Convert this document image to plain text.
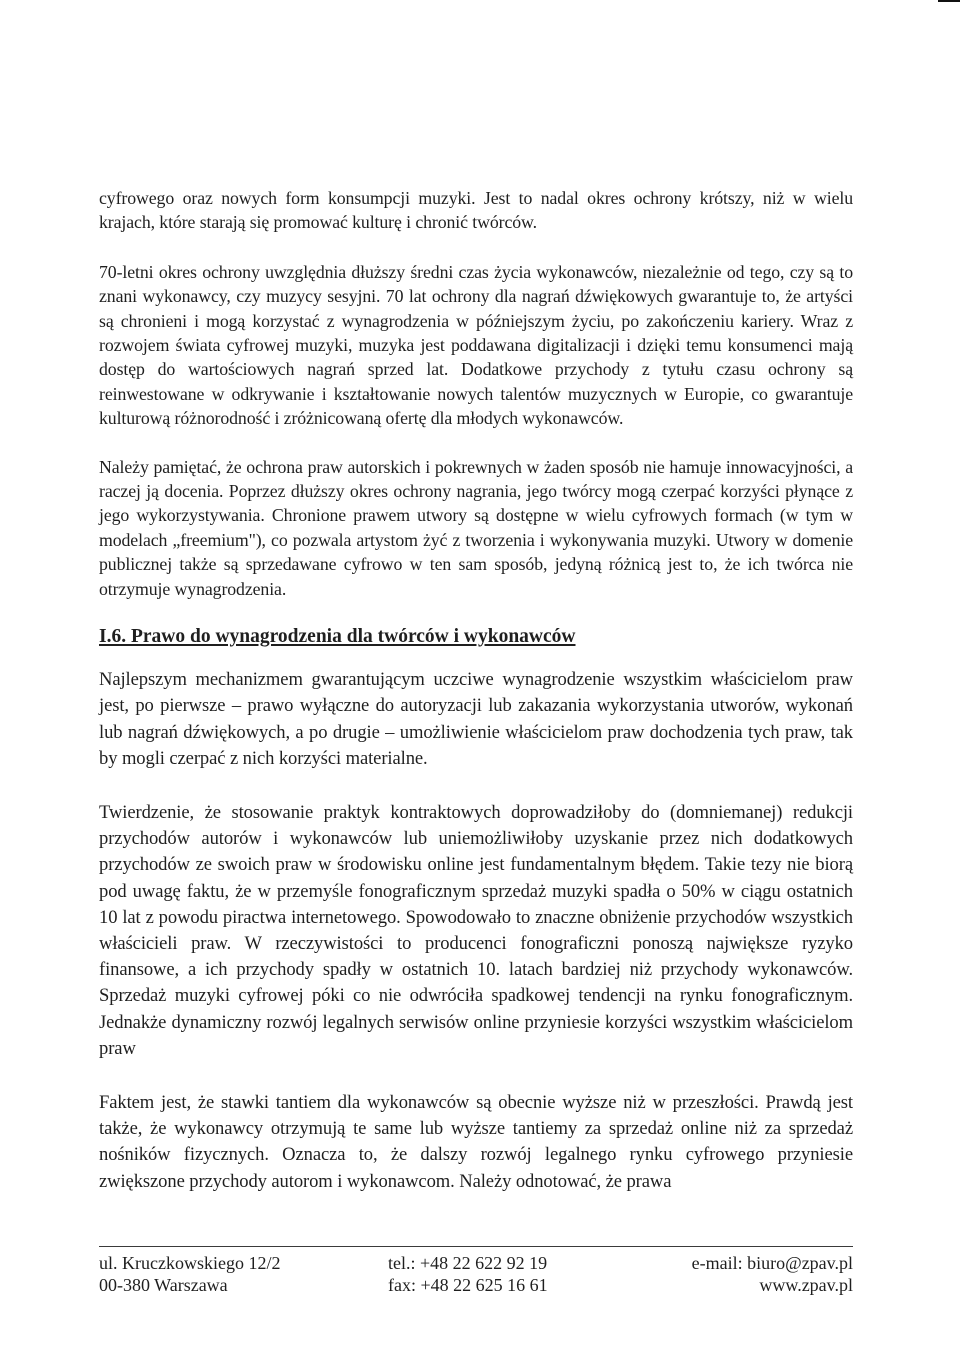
cyfrowego oraz nowych form konsumpcji muzyki. Jest to nadal okres ochrony krótszy, niż w wielu krajach, które starają się promować kulturę i chronić twórców.

70-letni okres ochrony uwzględnia dłuższy średni czas życia wykonawców, niezależnie od tego, czy są to znani wykonawcy, czy muzycy sesyjni. 70 lat ochrony dla nagrań dźwiękowych gwarantuje to, że artyści są chronieni i mogą korzystać z wynagrodzenia w późniejszym życiu, po zakończeniu kariery. Wraz z rozwojem świata cyfrowej muzyki, muzyka jest poddawana digitalizacji i dzięki temu konsumenci mają dostęp do wartościowych nagrań sprzed lat. Dodatkowe przychody z tytułu czasu ochrony są reinwestowane w odkrywanie i kształtowanie nowych talentów muzycznych w Europie, co gwarantuje kulturową różnorodność i zróżnicowaną ofertę dla młodych wykonawców.

Należy pamiętać, że ochrona praw autorskich i pokrewnych w żaden sposób nie hamuje innowacyjności, a raczej ją docenia. Poprzez dłuższy okres ochrony nagrania, jego twórcy mogą czerpać korzyści płynące z jego wykorzystywania. Chronione prawem utwory są dostępne w wielu cyfrowych formach (w tym w modelach „freemium"), co pozwala artystom żyć z tworzenia i wykonywania muzyki. Utwory w domenie publicznej także są sprzedawane cyfrowo w ten sam sposób, jedyną różnicą jest to, że ich twórca nie otrzymuje wynagrodzenia.

I.6. Prawo do wynagrodzenia dla twórców i wykonawców

Najlepszym mechanizmem gwarantującym uczciwe wynagrodzenie wszystkim właścicielom praw jest, po pierwsze – prawo wyłączne do autoryzacji lub zakazania wykorzystania utworów, wykonań lub nagrań dźwiękowych, a po drugie – umożliwienie właścicielom praw dochodzenia tych praw, tak by mogli czerpać z nich korzyści materialne.

Twierdzenie, że stosowanie praktyk kontraktowych doprowadziłoby do (domniemanej) redukcji przychodów autorów i wykonawców lub uniemożliwiłoby uzyskanie przez nich dodatkowych przychodów ze swoich praw w środowisku online jest fundamentalnym błędem. Takie tezy nie biorą pod uwagę faktu, że w przemyśle fonograficznym sprzedaż muzyki spadła o 50% w ciągu ostatnich 10 lat z powodu piractwa internetowego. Spowodowało to znaczne obniżenie przychodów wszystkich właścicieli praw. W rzeczywistości to producenci fonograficzni ponoszą największe ryzyko finansowe, a ich przychody spadły w ostatnich 10. latach bardziej niż przychody wykonawców. Sprzedaż muzyki cyfrowej póki co nie odwróciła spadkowej tendencji na rynku fonograficznym. Jednakże dynamiczny rozwój legalnych serwisów online przyniesie korzyści wszystkim właścicielom praw

Faktem jest, że stawki tantiem dla wykonawców są obecnie wyższe niż w przeszłości. Prawdą jest także, że wykonawcy otrzymują te same lub wyższe tantiemy za sprzedaż online niż za sprzedaż nośników fizycznych. Oznacza to, że dalszy rozwój legalnego rynku cyfrowego przyniesie zwiększone przychody autorom i wykonawcom. Należy odnotować, że prawa

ul. Kruczkowskiego 12/2
00-380 Warszawa
tel.: +48 22 622 92 19
fax: +48 22 625 16 61
e-mail: biuro@zpav.pl
www.zpav.pl
